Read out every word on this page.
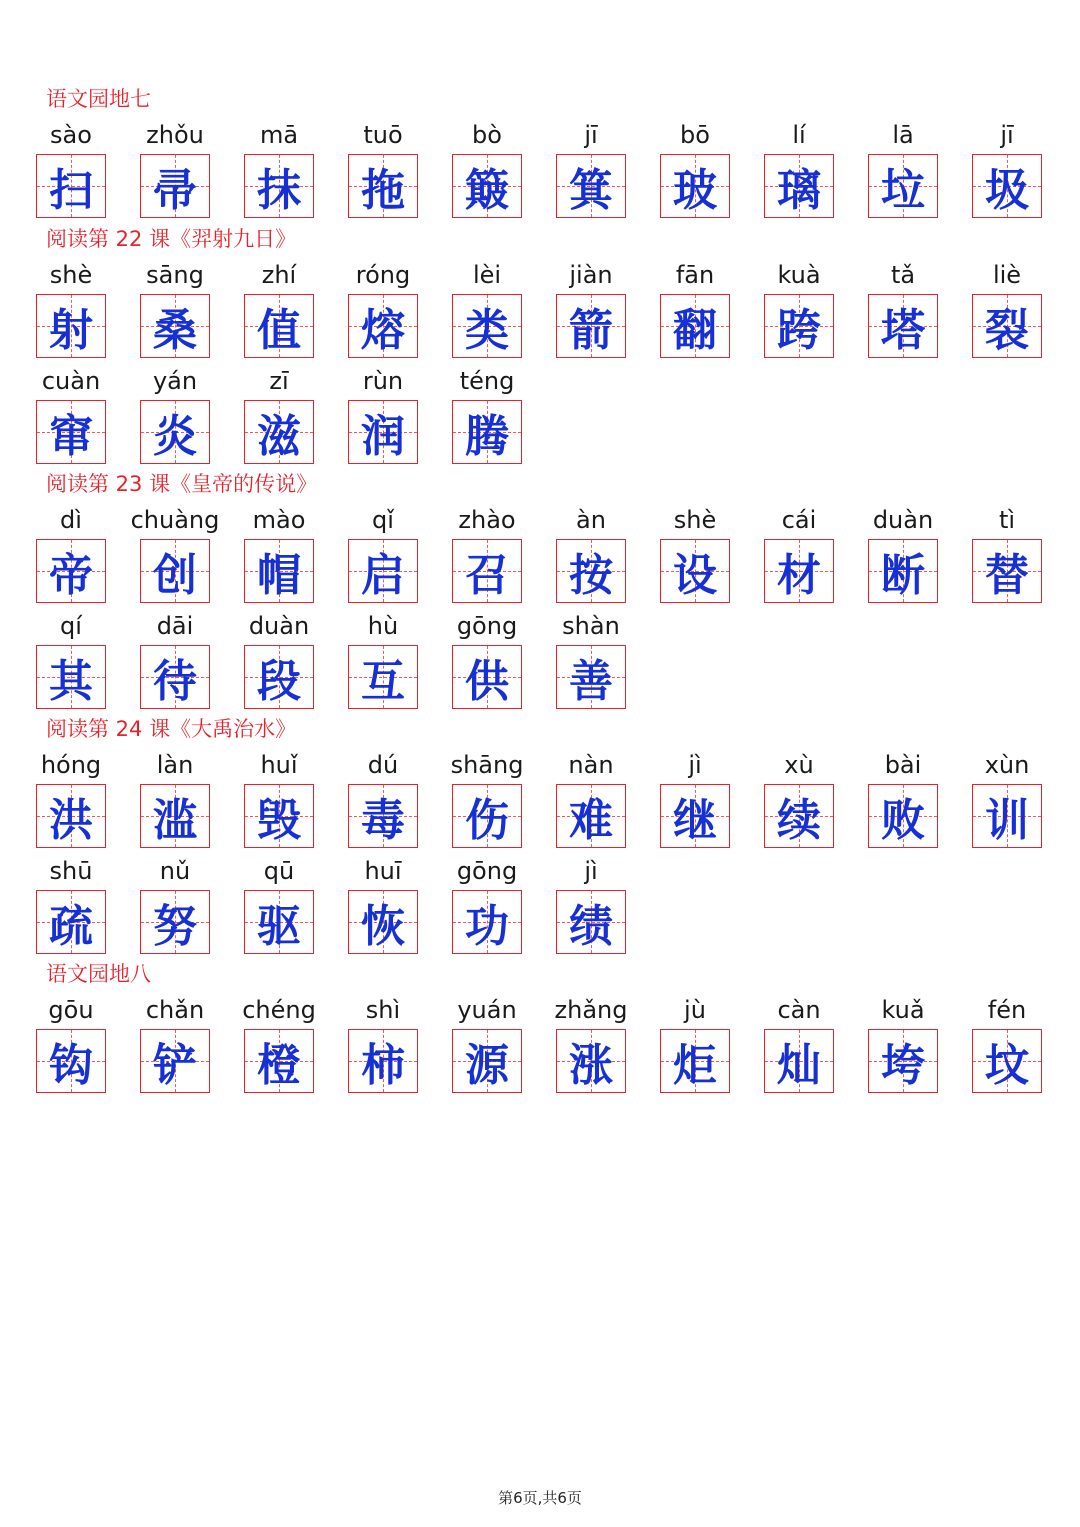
语文园地七
sào
扫
zhǒu
帚
mā
抹
tuō
拖
bò
簸
jī
箕
bō
玻
lí
璃
lā
垃
jī
圾
阅读第 22 课《羿射九日》
shè
射
sāng
桑
zhí
值
róng
熔
lèi
类
jiàn
箭
fān
翻
kuà
跨
tǎ
塔
liè
裂
cuàn
窜
yán
炎
zī
滋
rùn
润
téng
腾
阅读第 23 课《皇帝的传说》
dì
帝
chuàng
创
mào
帽
qǐ
启
zhào
召
àn
按
shè
设
cái
材
duàn
断
tì
替
qí
其
dāi
待
duàn
段
hù
互
gōng
供
shàn
善
阅读第 24 课《大禹治水》
hóng
洪
làn
滥
huǐ
毁
dú
毒
shāng
伤
nàn
难
jì
继
xù
续
bài
败
xùn
训
shū
疏
nǔ
努
qū
驱
huī
恢
gōng
功
jì
绩
语文园地八
gōu
钩
chǎn
铲
chéng
橙
shì
柿
yuán
源
zhǎng
涨
jù
炬
càn
灿
kuǎ
垮
fén
坟
第6页,共6页
